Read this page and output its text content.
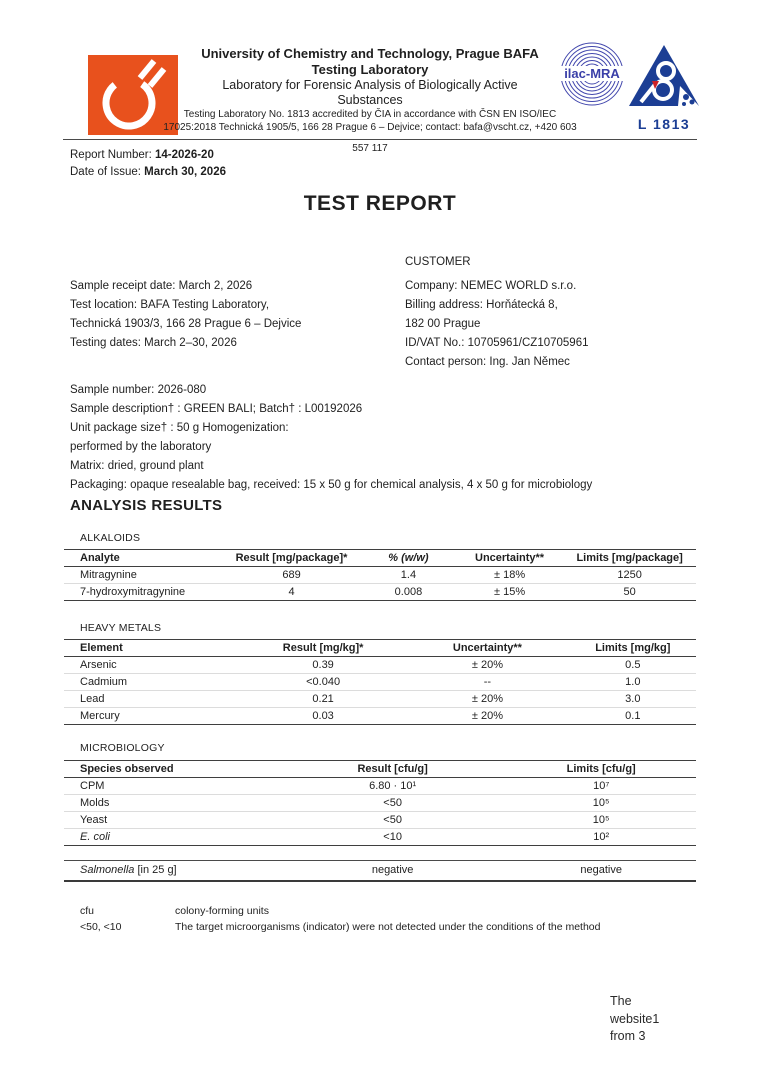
University of Chemistry and Technology, Prague BAFA
Testing Laboratory
Laboratory for Forensic Analysis of Biologically Active
Substances
Testing Laboratory No. 1813 accredited by ČIA in accordance with ČSN EN ISO/IEC
17025:2018 Technická 1905/5, 166 28 Prague 6 – Dejvice; contact: bafa@vscht.cz, +420 603
557 117
ilac-MRA
L 1813
Report Number: 14-2026-20
Date of Issue: March 30, 2026
TEST REPORT
CUSTOMER
Sample receipt date: March 2, 2026
Test location: BAFA Testing Laboratory,
Technická 1903/3, 166 28 Prague 6 – Dejvice
Testing dates: March 2–30, 2026
Company: NEMEC WORLD s.r.o.
Billing address: Horňátecká 8,
182 00 Prague
ID/VAT No.: 10705961/CZ10705961
Contact person: Ing. Jan Němec
Sample number: 2026-080
Sample description† : GREEN BALI; Batch† : L00192026
Unit package size† : 50 g Homogenization:
performed by the laboratory
Matrix: dried, ground plant
Packaging: opaque resealable bag, received: 15 x 50 g for chemical analysis, 4 x 50 g for microbiology
ANALYSIS RESULTS
ALKALOIDS
Analyte	Result [mg/package]*	% (w/w)	Uncertainty**	Limits [mg/package]
Mitragynine	689	1.4	± 18%	1250
7-hydroxymitragynine	4	0.008	± 15%	50
HEAVY METALS
Element	Result [mg/kg]*	Uncertainty**	Limits [mg/kg]
Arsenic	0.39	± 20%	0.5
Cadmium	<0.040	--	1.0
Lead	0.21	± 20%	3.0
Mercury	0.03	± 20%	0.1
MICROBIOLOGY
Species observed	Result [cfu/g]	Limits [cfu/g]
CPM	6.80 · 10¹	10⁷
Molds	<50	10⁵
Yeast	<50	10⁵
E. coli	<10	10²
Salmonella [in 25 g]	negative	negative
cfu	colony-forming units
<50, <10	The target microorganisms (indicator) were not detected under the conditions of the method
The
website1
from 3
